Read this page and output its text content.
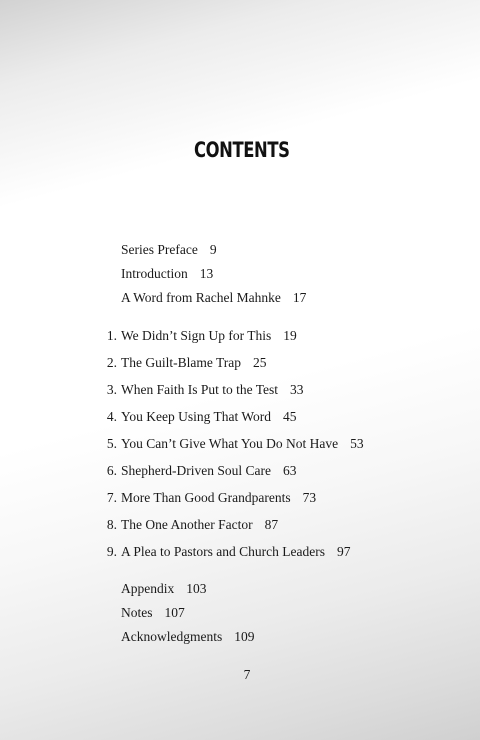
CONTENTS
Series Preface 9
Introduction 13
A Word from Rachel Mahnke 17
1. We Didn’t Sign Up for This 19
2. The Guilt-Blame Trap 25
3. When Faith Is Put to the Test 33
4. You Keep Using That Word 45
5. You Can’t Give What You Do Not Have 53
6. Shepherd-Driven Soul Care 63
7. More Than Good Grandparents 73
8. The One Another Factor 87
9. A Plea to Pastors and Church Leaders 97
Appendix 103
Notes 107
Acknowledgments 109
7
